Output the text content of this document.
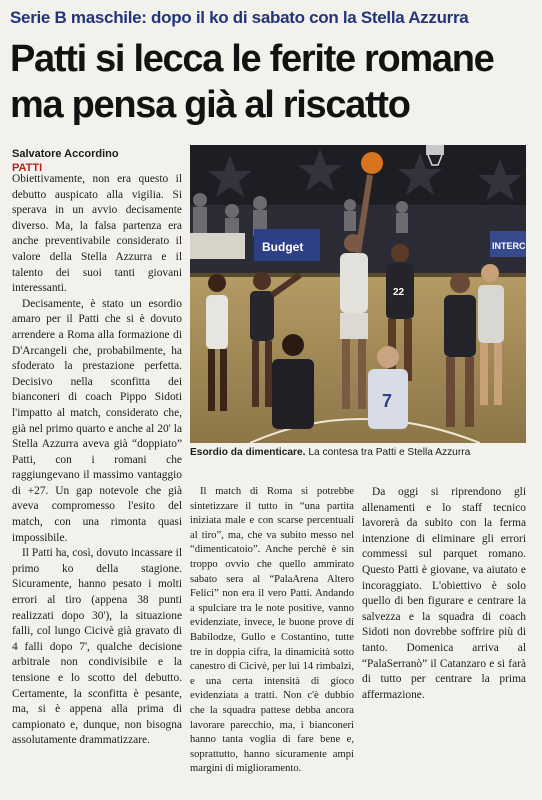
Serie B maschile: dopo il ko di sabato con la Stella Azzurra
Patti si lecca le ferite romane
ma pensa già al riscatto
Salvatore Accordino
PATTI

Obiettivamente, non era questo il debutto auspicato alla vigilia. Si sperava in un avvio decisamente diverso. Ma, la falsa partenza era anche preventivabile considerato il valore della Stella Azzurra e il talento dei suoi tanti giovani interessanti.

Decisamente, è stato un esordio amaro per il Patti che si è dovuto arrendere a Roma alla formazione di D'Arcangeli che, probabilmente, ha sfoderato la prestazione perfetta. Decisivo nella sconfitta dei bianconeri di coach Pippo Sidoti l'impatto al match, considerato che, già nel primo quarto e anche al 20' la Stella Azzurra aveva già “doppiato” Patti, con i romani che raggiungevano il massimo vantaggio di +27. Un gap notevole che già aveva compromesso l'esito del match, con una rimonta quasi impossibile.

Il Patti ha, così, dovuto incassare il primo ko della stagione. Sicuramente, hanno pesato i molti errori al tiro (appena 38 punti realizzati dopo 30'), la situazione falli, col lungo Cicivè già gravato di 4 falli dopo 7', qualche decisione arbitrale non condivisibile e la tensione e lo scotto del debutto. Certamente, la sconfitta è pesante, ma, si è appena alla prima di campionato e, dunque, non bisogna assolutamente drammatizzare.

Budget	INTERC
22
7
Esordio da dimenticare. La contesa tra Patti e Stella Azzurra

Il match di Roma si potrebbe sintetizzare il tutto in “una partita iniziata male e con scarse percentuali al tiro”, ma, che va subito messo nel “dimenticatoio”. Anche perchè è sin troppo ovvio che quello ammirato sabato sera al “PalaArena Altero Felici” non era il vero Patti. Andando a spulciare tra le note positive, vanno evidenziate, invece, le buone prove di Babilodze, Gullo e Costantino, tutte tre in doppia cifra, la dinamicità sotto canestro di Cicivè, per lui 14 rimbalzi, e una certa intensità di gioco evidenziata a tratti. Non c'è dubbio che la squadra pattese debba ancora lavorare parecchio, ma, i bianconeri hanno tanta voglia di fare bene e, soprattutto, hanno sicuramente ampi margini di miglioramento.

Da oggi si riprendono gli allenamenti e lo staff tecnico lavorerà da subito con la ferma intenzione di eliminare gli errori commessi sul parquet romano. Questo Patti è giovane, va aiutato e incoraggiato. L'obiettivo è solo quello di ben figurare e centrare la salvezza e la squadra di coach Sidoti non dovrebbe soffrire più di tanto. Domenica arriva al “PalaSerranò” il Catanzaro e si farà di tutto per centrare la prima affermazione.
